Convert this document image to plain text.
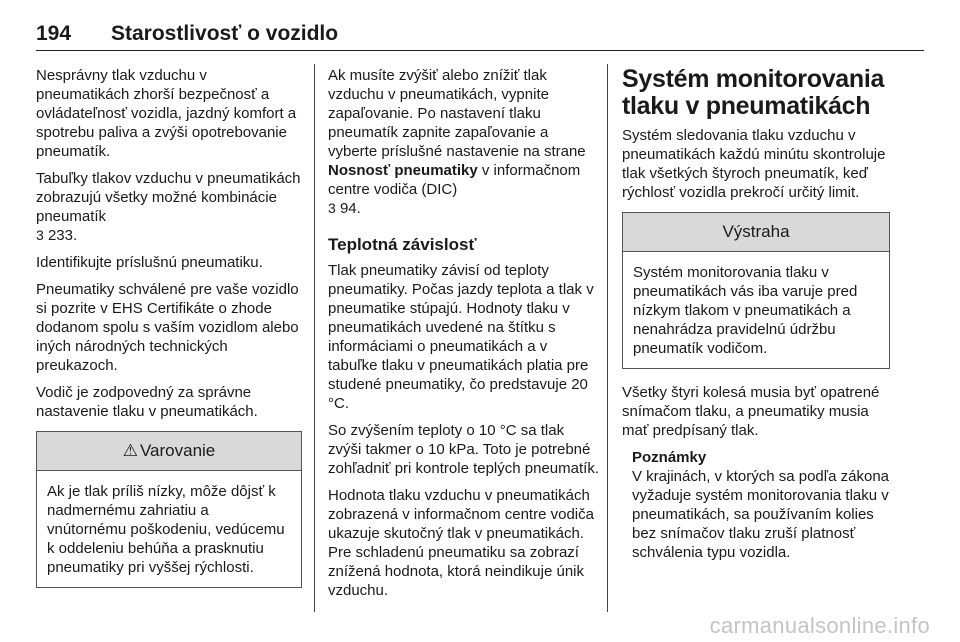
194 Starostlivosť o vozidlo

Nesprávny tlak vzduchu v pneumatikách zhorší bezpečnosť a ovládateľnosť vozidla, jazdný komfort a spotrebu paliva a zvýši opotrebovanie pneumatík.

Tabuľky tlakov vzduchu v pneumatikách zobrazujú všetky možné kombinácie pneumatík
3 233.

Identifikujte príslušnú pneumatiku.

Pneumatiky schválené pre vaše vozidlo si pozrite v EHS Certifikáte o zhode dodanom spolu s vaším vozidlom alebo iných národných technických preukazoch.

Vodič je zodpovedný za správne nastavenie tlaku v pneumatikách.

⚠ Varovanie

Ak je tlak príliš nízky, môže dôjsť k nadmernému zahriatiu a vnútornému poškodeniu, vedúcemu k oddeleniu behúňa a prasknutiu pneumatiky pri vyššej rýchlosti.

Ak musíte zvýšiť alebo znížiť tlak vzduchu v pneumatikách, vypnite zapaľovanie. Po nastavení tlaku pneumatík zapnite zapaľovanie a vyberte príslušné nastavenie na strane Nosnosť pneumatiky v informačnom centre vodiča (DIC)
3 94.

Teplotná závislosť

Tlak pneumatiky závisí od teploty pneumatiky. Počas jazdy teplota a tlak v pneumatike stúpajú. Hodnoty tlaku v pneumatikách uvedené na štítku s informáciami o pneumatikách a v tabuľke tlaku v pneumatikách platia pre studené pneumatiky, čo predstavuje 20 °C.

So zvýšením teploty o 10 °C sa tlak zvýši takmer o 10 kPa. Toto je potrebné zohľadniť pri kontrole teplých pneumatík.

Hodnota tlaku vzduchu v pneumatikách zobrazená v informačnom centre vodiča ukazuje skutočný tlak v pneumatikách. Pre schladenú pneumatiku sa zobrazí znížená hodnota, ktorá neindikuje únik vzduchu.

Systém monitorovania tlaku v pneumatikách

Systém sledovania tlaku vzduchu v pneumatikách každú minútu skontroluje tlak všetkých štyroch pneumatík, keď rýchlosť vozidla prekročí určitý limit.

Výstraha

Systém monitorovania tlaku v pneumatikách vás iba varuje pred nízkym tlakom v pneumatikách a nenahrádza pravidelnú údržbu pneumatík vodičom.

Všetky štyri kolesá musia byť opatrené snímačom tlaku, a pneumatiky musia mať predpísaný tlak.

Poznámky

V krajinách, v ktorých sa podľa zákona vyžaduje systém monitorovania tlaku v pneumatikách, sa používaním kolies bez snímačov tlaku zruší platnosť schválenia typu vozidla.

carmanualsonline.info
